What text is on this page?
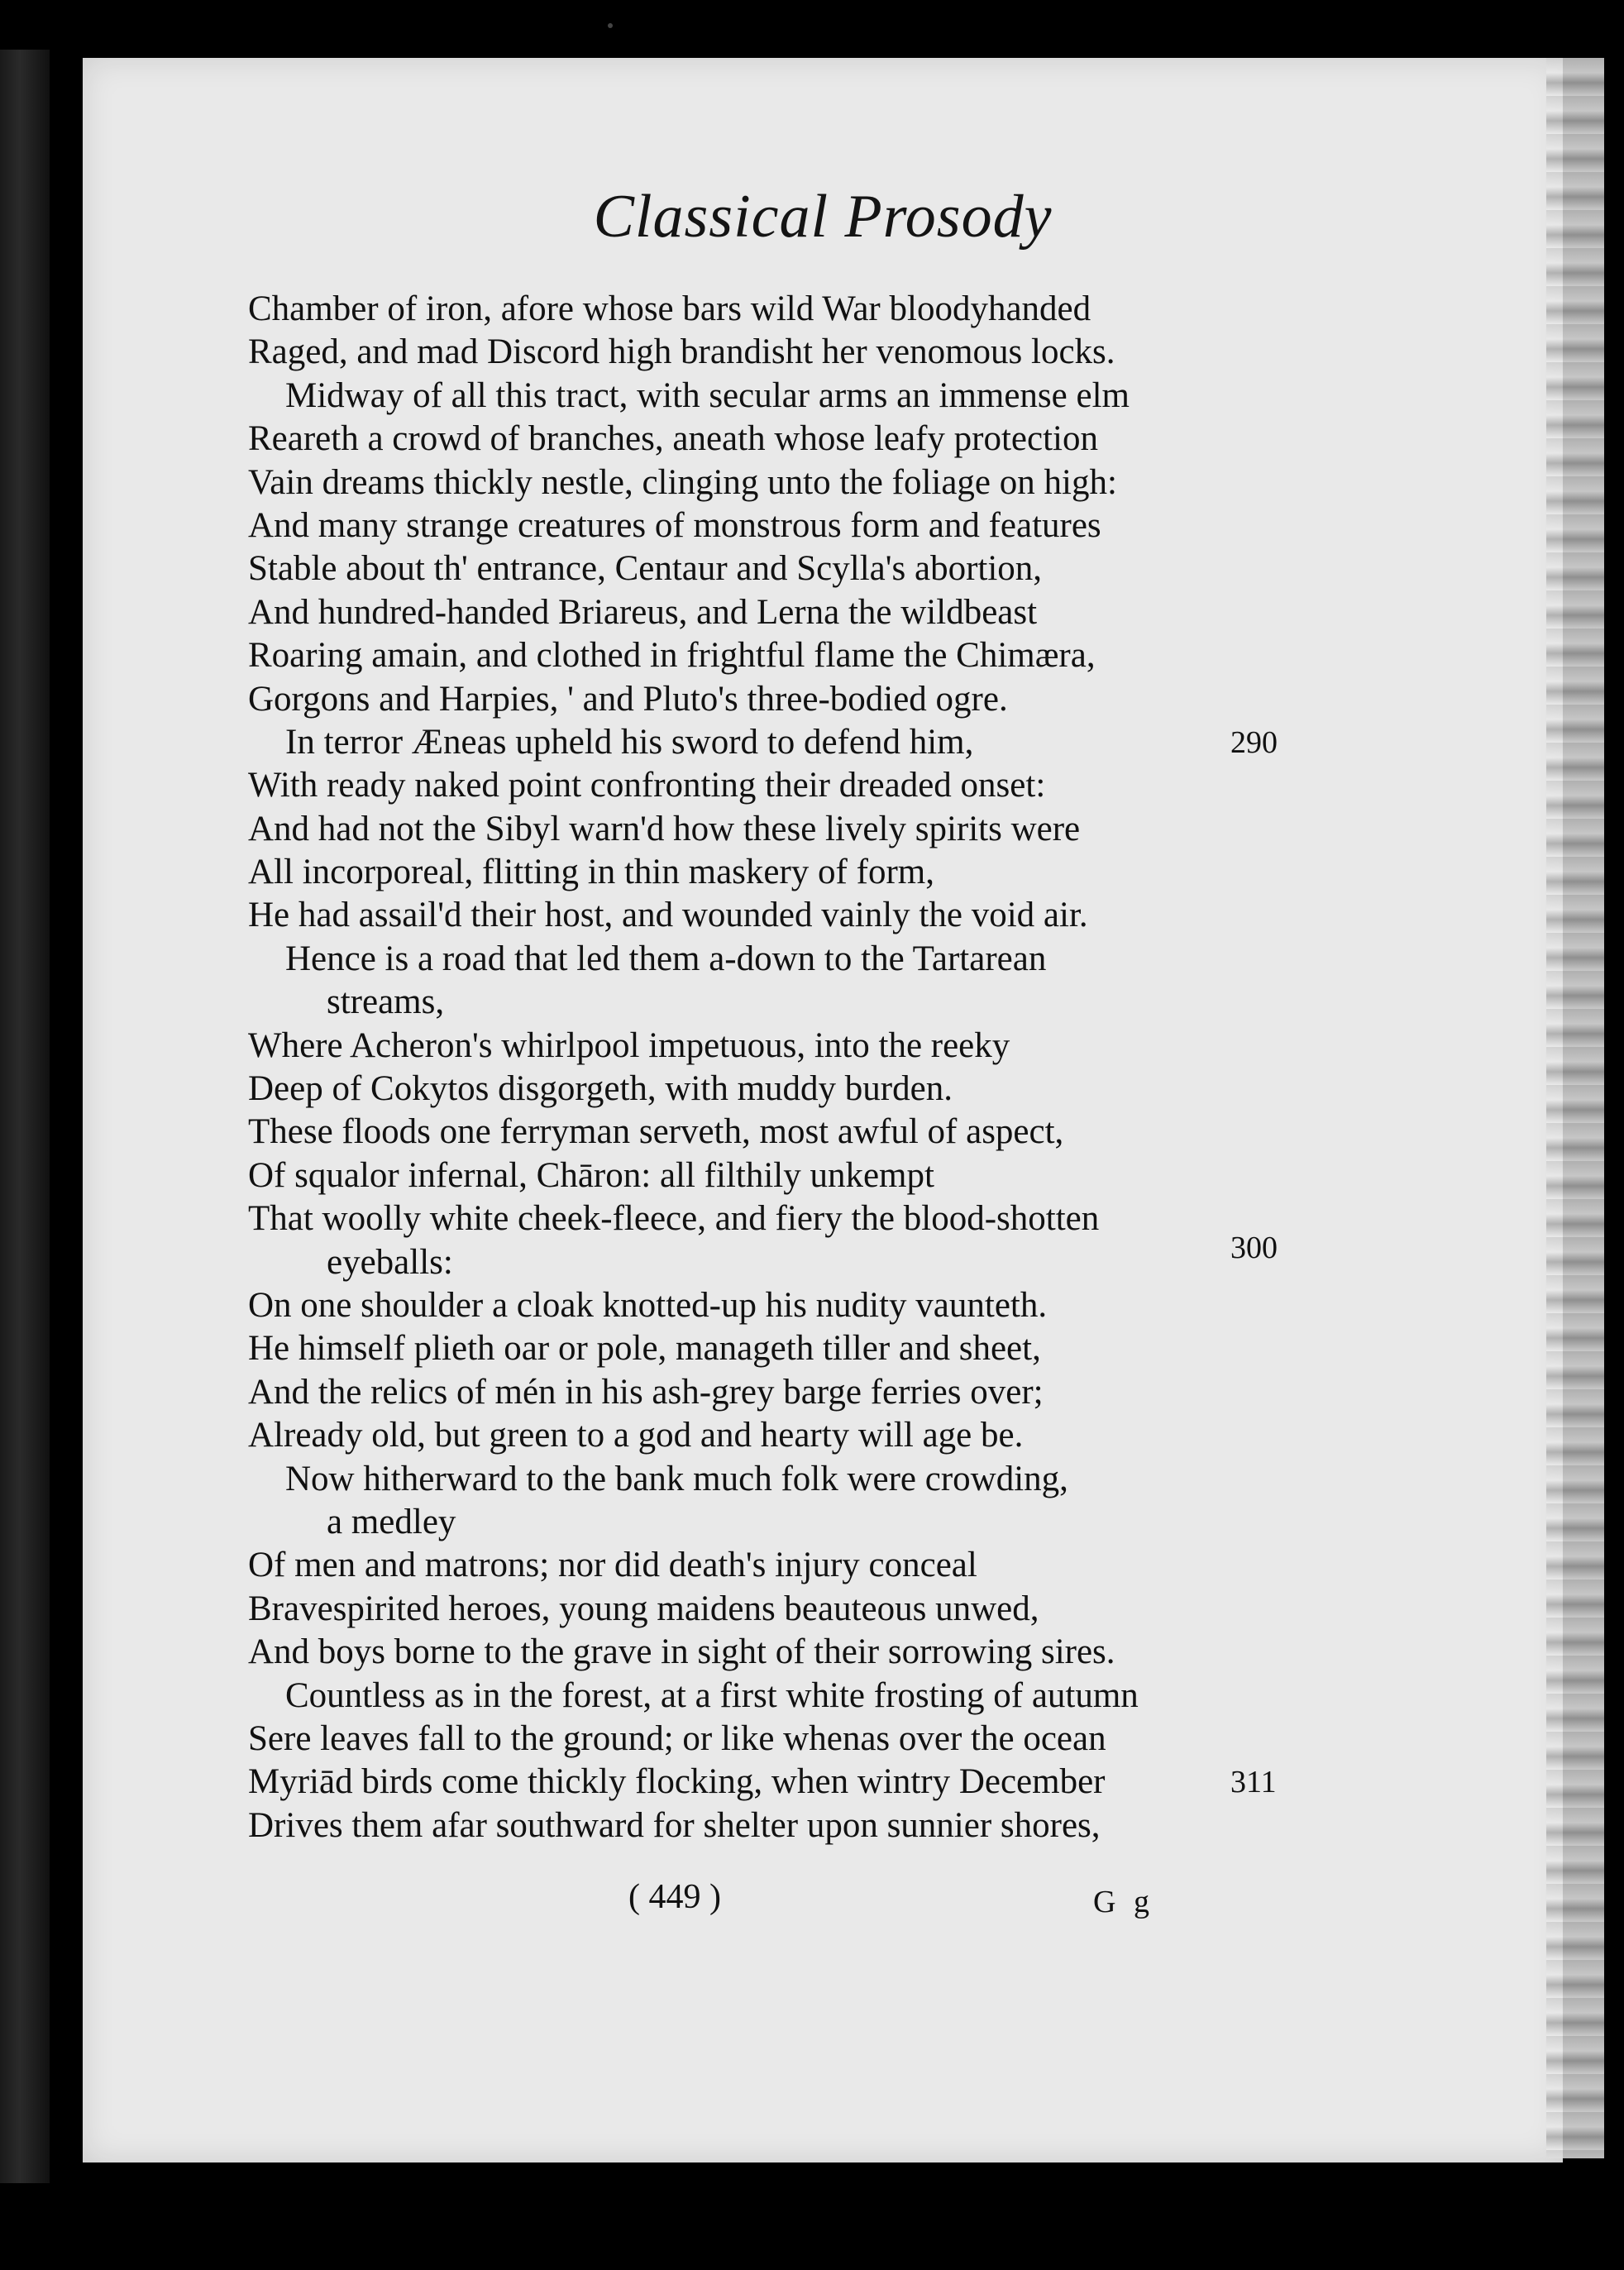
Classical Prosody
Chamber of iron, afore whose bars wild War bloodyhanded
Raged, and mad Discord high brandisht her venomous locks.
Midway of all this tract, with secular arms an immense elm
Reareth a crowd of branches, aneath whose leafy protection
Vain dreams thickly nestle, clinging unto the foliage on high:
And many strange creatures of monstrous form and features
Stable about th' entrance, Centaur and Scylla's abortion,
And hundred-handed Briareus, and Lerna the wildbeast
Roaring amain, and clothed in frightful flame the Chimæra,
Gorgons and Harpies, ' and Pluto's three-bodied ogre.
In terror Æneas upheld his sword to defend him,	290
With ready naked point confronting their dreaded onset:
And had not the Sibyl warn'd how these lively spirits were
All incorporeal, flitting in thin maskery of form,
He had assail'd their host, and wounded vainly the void air.
Hence is a road that led them a-down to the Tartarean
streams,
Where Acheron's whirlpool impetuous, into the reeky
Deep of Cokytos disgorgeth, with muddy burden.
These floods one ferryman serveth, most awful of aspect,
Of squalor infernal, Chāron: all filthily unkempt
That woolly white cheek-fleece, and fiery the blood-shotten
eyeballs:	300
On one shoulder a cloak knotted-up his nudity vaunteth.
He himself plieth oar or pole, manageth tiller and sheet,
And the relics of mén in his ash-grey barge ferries over;
Already old, but green to a god and hearty will age be.
Now hitherward to the bank much folk were crowding,
a medley
Of men and matrons; nor did death's injury conceal
Bravespirited heroes, young maidens beauteous unwed,
And boys borne to the grave in sight of their sorrowing sires.
Countless as in the forest, at a first white frosting of autumn
Sere leaves fall to the ground; or like whenas over the ocean
Myriād birds come thickly flocking, when wintry December	311
Drives them afar southward for shelter upon sunnier shores,
( 449 )	G g
